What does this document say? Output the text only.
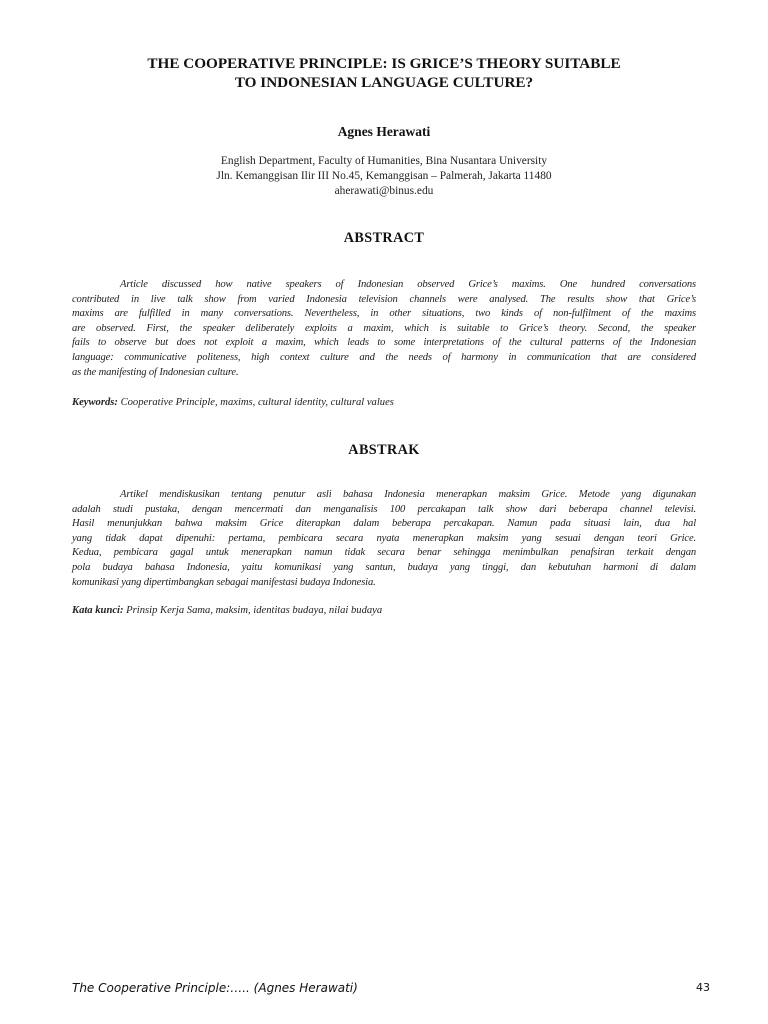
THE COOPERATIVE PRINCIPLE: IS GRICE’S THEORY SUITABLE
TO INDONESIAN LANGUAGE CULTURE?

Agnes Herawati

English Department, Faculty of Humanities, Bina Nusantara University
Jln. Kemanggisan Ilir III No.45, Kemanggisan – Palmerah, Jakarta 11480
aherawati@binus.edu

ABSTRACT
Article discussed how native speakers of Indonesian observed Grice’s maxims. One hundred conversations
contributed in live talk show from varied Indonesia television channels were analysed. The results show that Grice’s
maxims are fulfilled in many conversations. Nevertheless, in other situations, two kinds of non-fulfilment of the maxims
are observed. First, the speaker deliberately exploits a maxim, which is suitable to Grice’s theory. Second, the speaker
fails to observe but does not exploit a maxim, which leads to some interpretations of the cultural patterns of the Indonesian
language: communicative politeness, high context culture and the needs of harmony in communication that are considered
as the manifesting of Indonesian culture.

Keywords: Cooperative Principle, maxims, cultural identity, cultural values

ABSTRAK
Artikel mendiskusikan tentang penutur asli bahasa Indonesia menerapkan maksim Grice. Metode yang digunakan
adalah studi pustaka, dengan mencermati dan menganalisis 100 percakapan talk show dari beberapa channel televisi.
Hasil menunjukkan bahwa maksim Grice diterapkan dalam beberapa percakapan. Namun pada situasi lain, dua hal
yang tidak dapat dipenuhi: pertama, pembicara secara nyata menerapkan maksim yang sesuai dengan teori Grice.
Kedua, pembicara gagal untuk menerapkan namun tidak secara benar sehingga menimbulkan penafsiran terkait dengan
pola budaya bahasa Indonesia, yaitu komunikasi yang santun, budaya yang tinggi, dan kebutuhan harmoni di dalam
komunikasi yang dipertimbangkan sebagai manifestasi budaya Indonesia.

Kata kunci: Prinsip Kerja Sama, maksim, identitas budaya, nilai budaya

The Cooperative Principle:….. (Agnes Herawati)	43
